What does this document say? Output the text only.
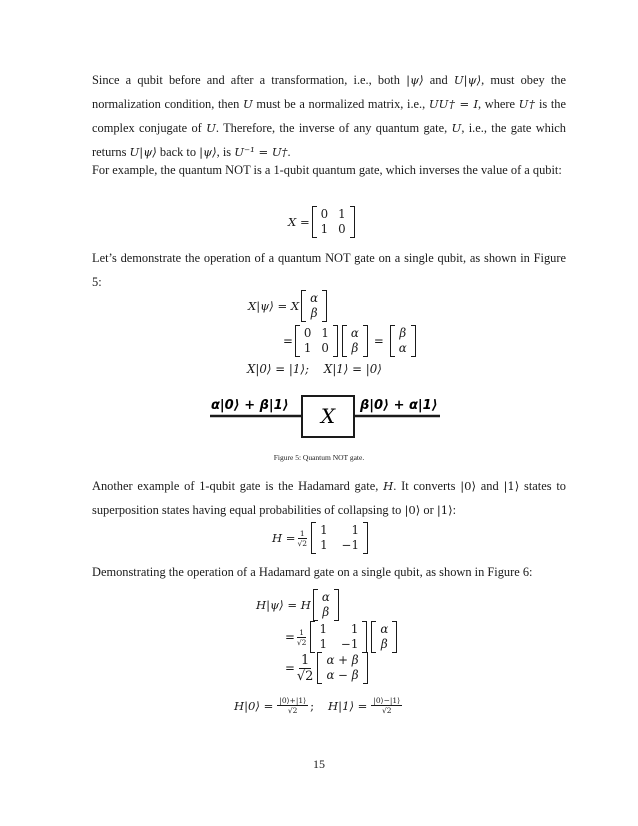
Since a qubit before and after a transformation, i.e., both |ψ⟩ and U|ψ⟩, must obey the normalization condition, then U must be a normalized matrix, i.e., UU† = I, where U† is the complex conjugate of U. Therefore, the inverse of any quantum gate, U, i.e., the gate which returns U|ψ⟩ back to |ψ⟩, is U⁻¹ = U†.

For example, the quantum NOT is a 1-qubit quantum gate, which inverses the value of a qubit:

X =
0 1
1 0

Let’s demonstrate the operation of a quantum NOT gate on a single qubit, as shown in Figure 5:

X|ψ⟩ = X
α
β
=
0 1
1 0
α
β =
β
α
X|0⟩ = |1⟩;    X|1⟩ = |0⟩
α|0⟩ + β|1⟩ X β|0⟩ + α|1⟩
Figure 5: Quantum NOT gate.

Another example of 1-qubit gate is the Hadamard gate, H. It converts |0⟩ and |1⟩ states to superposition states having equal probabilities of collapsing to |0⟩ or |1⟩:

$H = \frac{1}{√2} 1$	1
1 −1

Demonstrating the operation of a Hadamard gate on a single qubit, as shown in Figure 6:

H|ψ⟩ = H
α
β
= $\frac{1}{√2} 1$	1
1 −1
α
β
= $\frac{1}{√2}$ α + β
α − β
H|0⟩ = $\frac{|0⟩+|1⟩}{√2}$ ; H|1⟩ = $\frac{|0⟩-|1⟩}{√2}$
15
